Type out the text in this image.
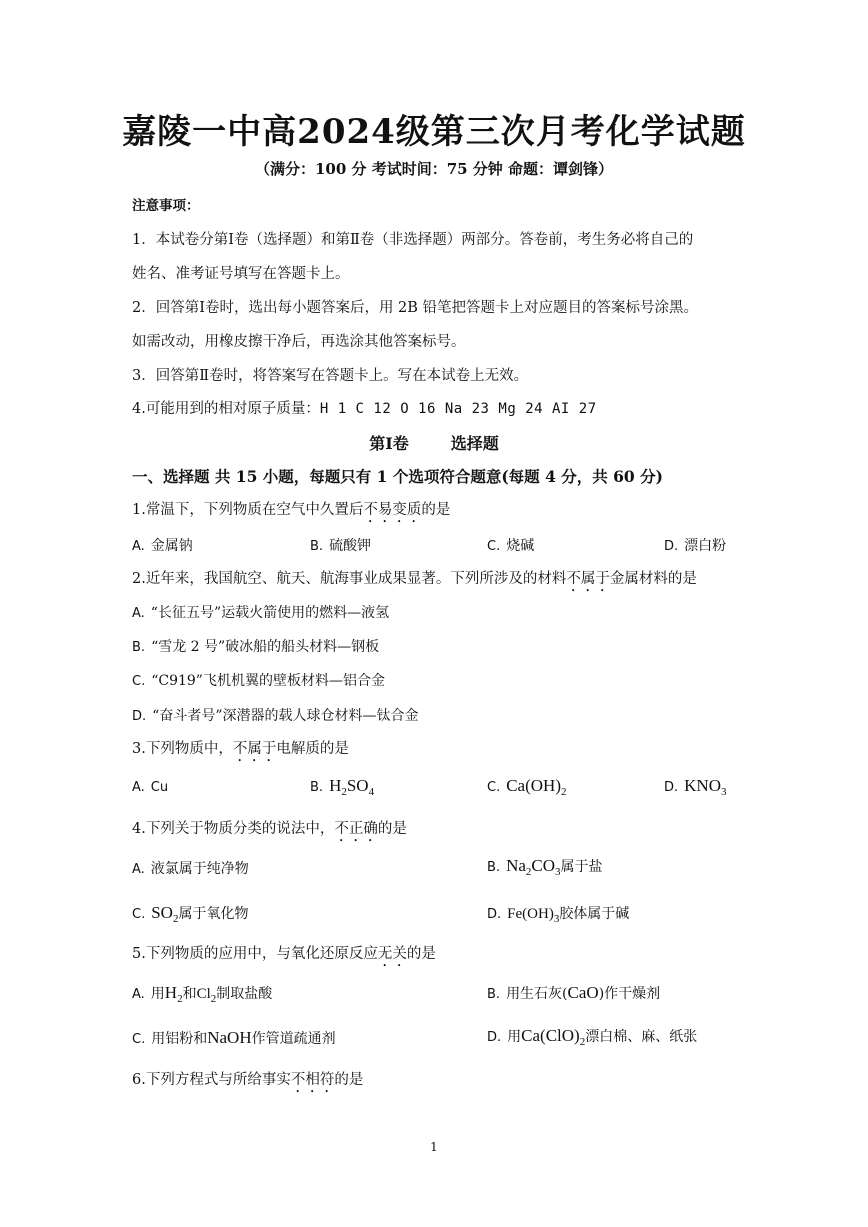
嘉陵一中高2024级第三次月考化学试题
（满分：100 分 考试时间：75 分钟 命题：谭剑锋）
注意事项：
1．本试卷分第Ⅰ卷（选择题）和第Ⅱ卷（非选择题）两部分。答卷前，考生务必将自己的
姓名、准考证号填写在答题卡上。
2．回答第Ⅰ卷时，选出每小题答案后，用 2B 铅笔把答题卡上对应题目的答案标号涂黑。
如需改动，用橡皮擦干净后，再选涂其他答案标号。
3．回答第Ⅱ卷时，将答案写在答题卡上。写在本试卷上无效。
4.可能用到的相对原子质量：H 1 C 12 O 16 Na 23 Mg 24 AI 27
第Ⅰ卷	选择题
一、选择题 共 15 小题，每题只有 1 个选项符合题意(每题 4 分，共 60 分)
1.常温下，下列物质在空气中久置后不易变质的是
A. 金属钠	B. 硫酸钾	C. 烧碱	D. 漂白粉
2.近年来，我国航空、航天、航海事业成果显著。下列所涉及的材料不属于金属材料的是
A. “长征五号”运载火箭使用的燃料—液氢
B. “雪龙 2 号”破冰船的船头材料—钢板
C. “C919”飞机机翼的壁板材料—铝合金
D. “奋斗者号”深潜器的载人球仓材料—钛合金
3.下列物质中，不属于电解质的是
A. Cu	B. $H_2SO_4$	C. $Ca(OH)_2$	D. $KNO_3$
4.下列关于物质分类的说法中，不正确的是
A. 液氯属于纯净物	B. $Na_2CO_3$属于盐
C. $SO_2$属于氧化物	D. $Fe(OH)_3$胶体属于碱
5.下列物质的应用中，与氧化还原反应无关的是
A. 用$H_2$和$Cl_2$制取盐酸	B. 用生石灰(CaO)作干燥剂
C. 用铝粉和NaOH作管道疏通剂	D. 用$Ca(ClO)_2$漂白棉、麻、纸张
6.下列方程式与所给事实不相符的是
1
